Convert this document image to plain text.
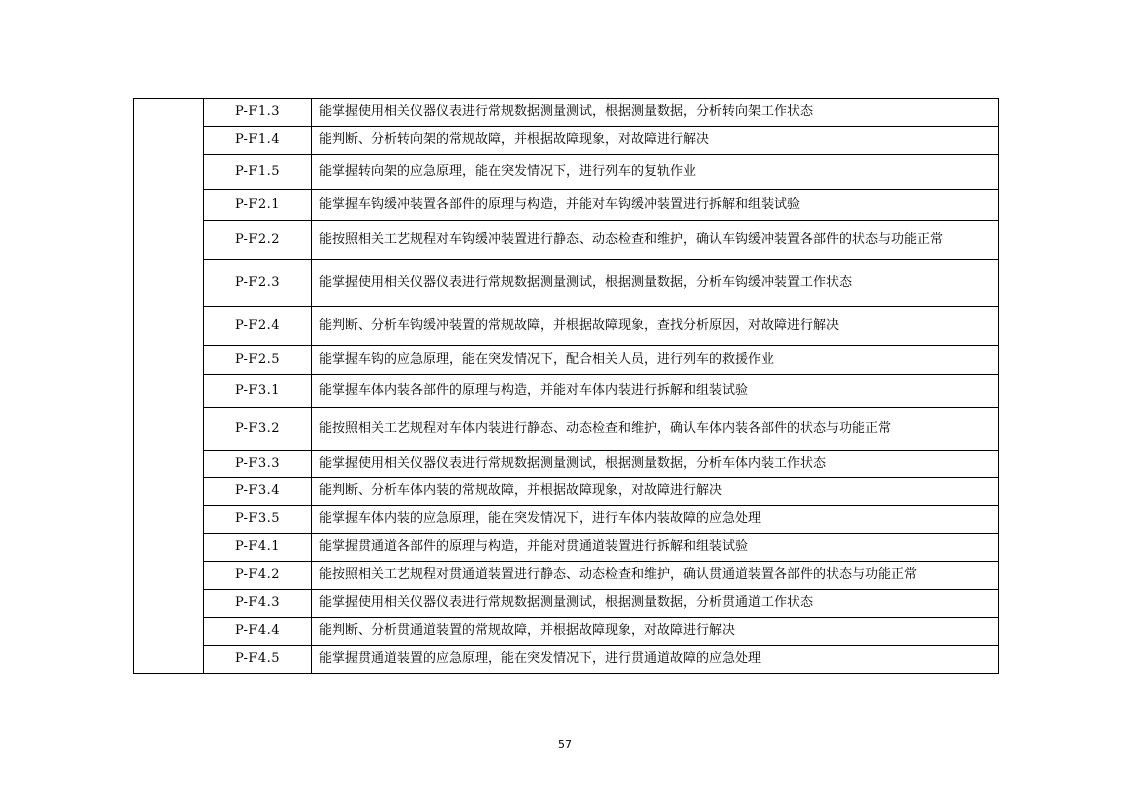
	P-F1.3	能掌握使用相关仪器仪表进行常规数据测量测试，根据测量数据，分析转向架工作状态
	P-F1.4	能判断、分析转向架的常规故障，并根据故障现象，对故障进行解决
	P-F1.5	能掌握转向架的应急原理，能在突发情况下，进行列车的复轨作业
	P-F2.1	能掌握车钩缓冲装置各部件的原理与构造，并能对车钩缓冲装置进行拆解和组装试验
	P-F2.2	能按照相关工艺规程对车钩缓冲装置进行静态、动态检查和维护，确认车钩缓冲装置各部件的状态与功能正常
	P-F2.3	能掌握使用相关仪器仪表进行常规数据测量测试，根据测量数据，分析车钩缓冲装置工作状态
	P-F2.4	能判断、分析车钩缓冲装置的常规故障，并根据故障现象，查找分析原因，对故障进行解决
	P-F2.5	能掌握车钩的应急原理，能在突发情况下，配合相关人员，进行列车的救援作业
	P-F3.1	能掌握车体内装各部件的原理与构造，并能对车体内装进行拆解和组装试验
	P-F3.2	能按照相关工艺规程对车体内装进行静态、动态检查和维护，确认车体内装各部件的状态与功能正常
	P-F3.3	能掌握使用相关仪器仪表进行常规数据测量测试，根据测量数据，分析车体内装工作状态
	P-F3.4	能判断、分析车体内装的常规故障，并根据故障现象，对故障进行解决
	P-F3.5	能掌握车体内装的应急原理，能在突发情况下，进行车体内装故障的应急处理
	P-F4.1	能掌握贯通道各部件的原理与构造，并能对贯通道装置进行拆解和组装试验
	P-F4.2	能按照相关工艺规程对贯通道装置进行静态、动态检查和维护，确认贯通道装置各部件的状态与功能正常
	P-F4.3	能掌握使用相关仪器仪表进行常规数据测量测试，根据测量数据，分析贯通道工作状态
	P-F4.4	能判断、分析贯通道装置的常规故障，并根据故障现象，对故障进行解决
	P-F4.5	能掌握贯通道装置的应急原理，能在突发情况下，进行贯通道故障的应急处理
57
